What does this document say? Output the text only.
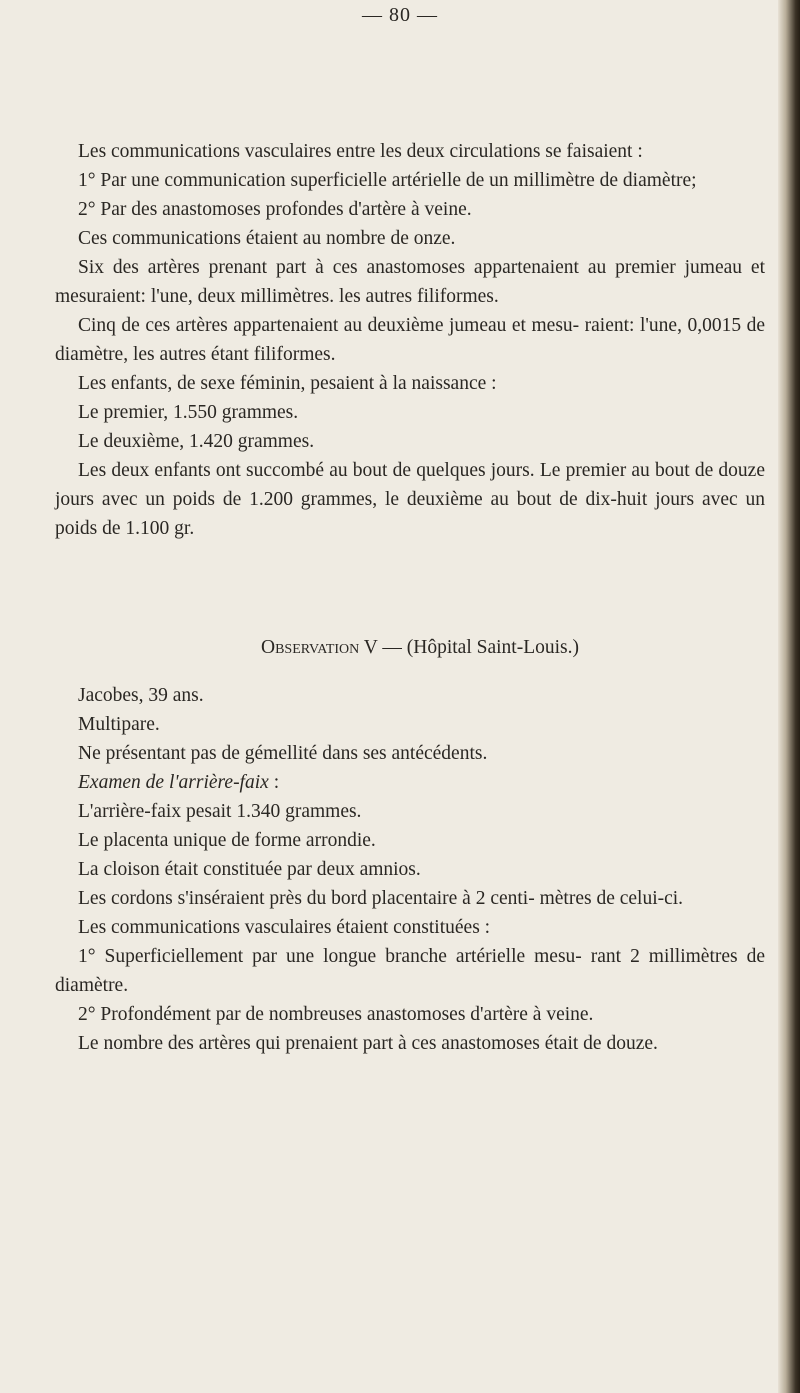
— 80 —

Les communications vasculaires entre les deux circulations se faisaient :

1° Par une communication superficielle artérielle de un millimètre de diamètre;

2° Par des anastomoses profondes d'artère à veine.

Ces communications étaient au nombre de onze.

Six des artères prenant part à ces anastomoses appartenaient au premier jumeau et mesuraient: l'une, deux millimètres. les autres filiformes.

Cinq de ces artères appartenaient au deuxième jumeau et mesu- raient: l'une, 0,0015 de diamètre, les autres étant filiformes.

Les enfants, de sexe féminin, pesaient à la naissance :

Le premier, 1.550 grammes.

Le deuxième, 1.420 grammes.

Les deux enfants ont succombé au bout de quelques jours. Le premier au bout de douze jours avec un poids de 1.200 grammes, le deuxième au bout de dix-huit jours avec un poids de 1.100 gr.

Observation V — (Hôpital Saint-Louis.)

Jacobes, 39 ans.

Multipare.

Ne présentant pas de gémellité dans ses antécédents.

Examen de l'arrière-faix :

L'arrière-faix pesait 1.340 grammes.

Le placenta unique de forme arrondie.

La cloison était constituée par deux amnios.

Les cordons s'inséraient près du bord placentaire à 2 centi- mètres de celui-ci.

Les communications vasculaires étaient constituées :

1° Superficiellement par une longue branche artérielle mesu- rant 2 millimètres de diamètre.

2° Profondément par de nombreuses anastomoses d'artère à veine.

Le nombre des artères qui prenaient part à ces anastomoses était de douze.
